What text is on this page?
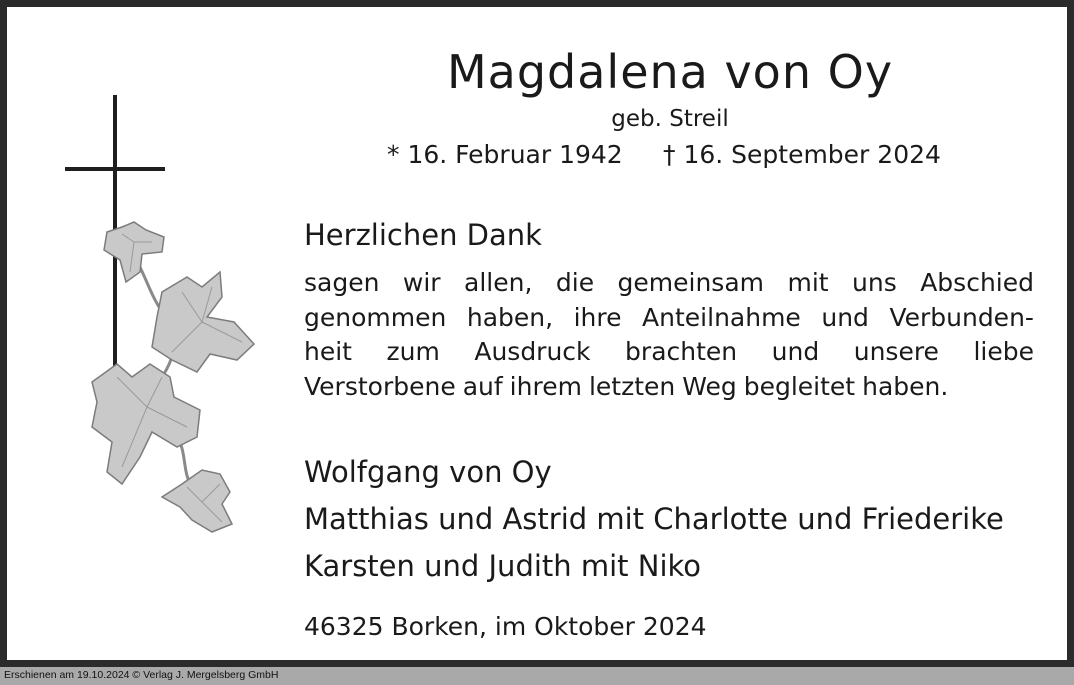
Magdalena von Oy
geb. Streil
* 16. Februar 1942 † 16. September 2024
Herzlichen Dank
sagen wir allen, die gemeinsam mit uns Abschied
genommen haben, ihre Anteilnahme und Verbunden-
heit zum Ausdruck brachten und unsere liebe
Verstorbene auf ihrem letzten Weg begleitet haben.
Wolfgang von Oy
Matthias und Astrid mit Charlotte und Friederike
Karsten und Judith mit Niko
46325 Borken, im Oktober 2024
Erschienen am 19.10.2024 © Verlag J. Mergelsberg GmbH
